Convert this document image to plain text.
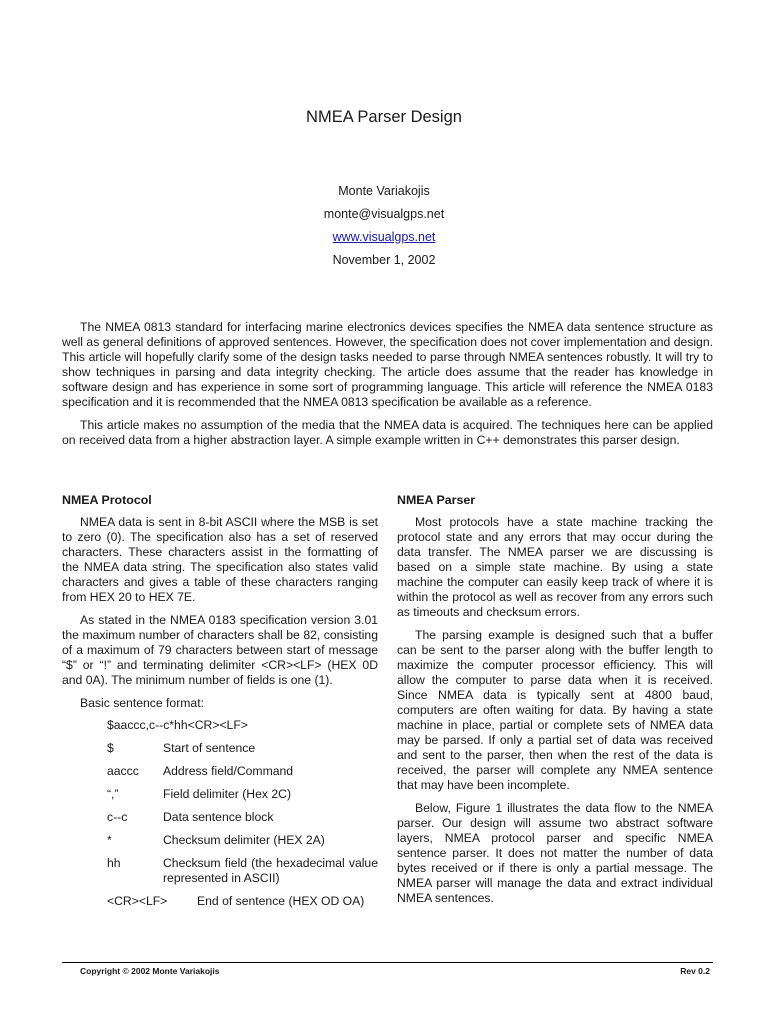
NMEA Parser Design
Monte Variakojis
monte@visualgps.net
www.visualgps.net
November 1, 2002

The NMEA 0813 standard for interfacing marine electronics devices specifies the NMEA data sentence structure as well as general definitions of approved sentences. However, the specification does not cover implementation and design. This article will hopefully clarify some of the design tasks needed to parse through NMEA sentences robustly. It will try to show techniques in parsing and data integrity checking. The article does assume that the reader has knowledge in software design and has experience in some sort of programming language. This article will reference the NMEA 0183 specification and it is recommended that the NMEA 0813 specification be available as a reference.

This article makes no assumption of the media that the NMEA data is acquired. The techniques here can be applied on received data from a higher abstraction layer. A simple example written in C++ demonstrates this parser design.

NMEA Protocol

NMEA data is sent in 8-bit ASCII where the MSB is set to zero (0). The specification also has a set of reserved characters. These characters assist in the formatting of the NMEA data string. The specification also states valid characters and gives a table of these characters ranging from HEX 20 to HEX 7E.

As stated in the NMEA 0183 specification version 3.01 the maximum number of characters shall be 82, consisting of a maximum of 79 characters between start of message “$” or “!” and terminating delimiter <CR><LF> (HEX 0D and 0A). The minimum number of fields is one (1).

Basic sentence format:

$aaccc,c--c*hh<CR><LF>
$	Start of sentence
aaccc	Address field/Command
“,”	Field delimiter (Hex 2C)
c--c	Data sentence block
*	Checksum delimiter (HEX 2A)
hh	Checksum field (the hexadecimal value represented in ASCII)
<CR><LF>	End of sentence (HEX OD OA)
NMEA Parser

Most protocols have a state machine tracking the protocol state and any errors that may occur during the data transfer. The NMEA parser we are discussing is based on a simple state machine. By using a state machine the computer can easily keep track of where it is within the protocol as well as recover from any errors such as timeouts and checksum errors.

The parsing example is designed such that a buffer can be sent to the parser along with the buffer length to maximize the computer processor efficiency. This will allow the computer to parse data when it is received. Since NMEA data is typically sent at 4800 baud, computers are often waiting for data. By having a state machine in place, partial or complete sets of NMEA data may be parsed. If only a partial set of data was received and sent to the parser, then when the rest of the data is received, the parser will complete any NMEA sentence that may have been incomplete.

Below, Figure 1 illustrates the data flow to the NMEA parser. Our design will assume two abstract software layers, NMEA protocol parser and specific NMEA sentence parser. It does not matter the number of data bytes received or if there is only a partial message. The NMEA parser will manage the data and extract individual NMEA sentences.

Copyright © 2002 Monte Variakojis	Rev 0.2
